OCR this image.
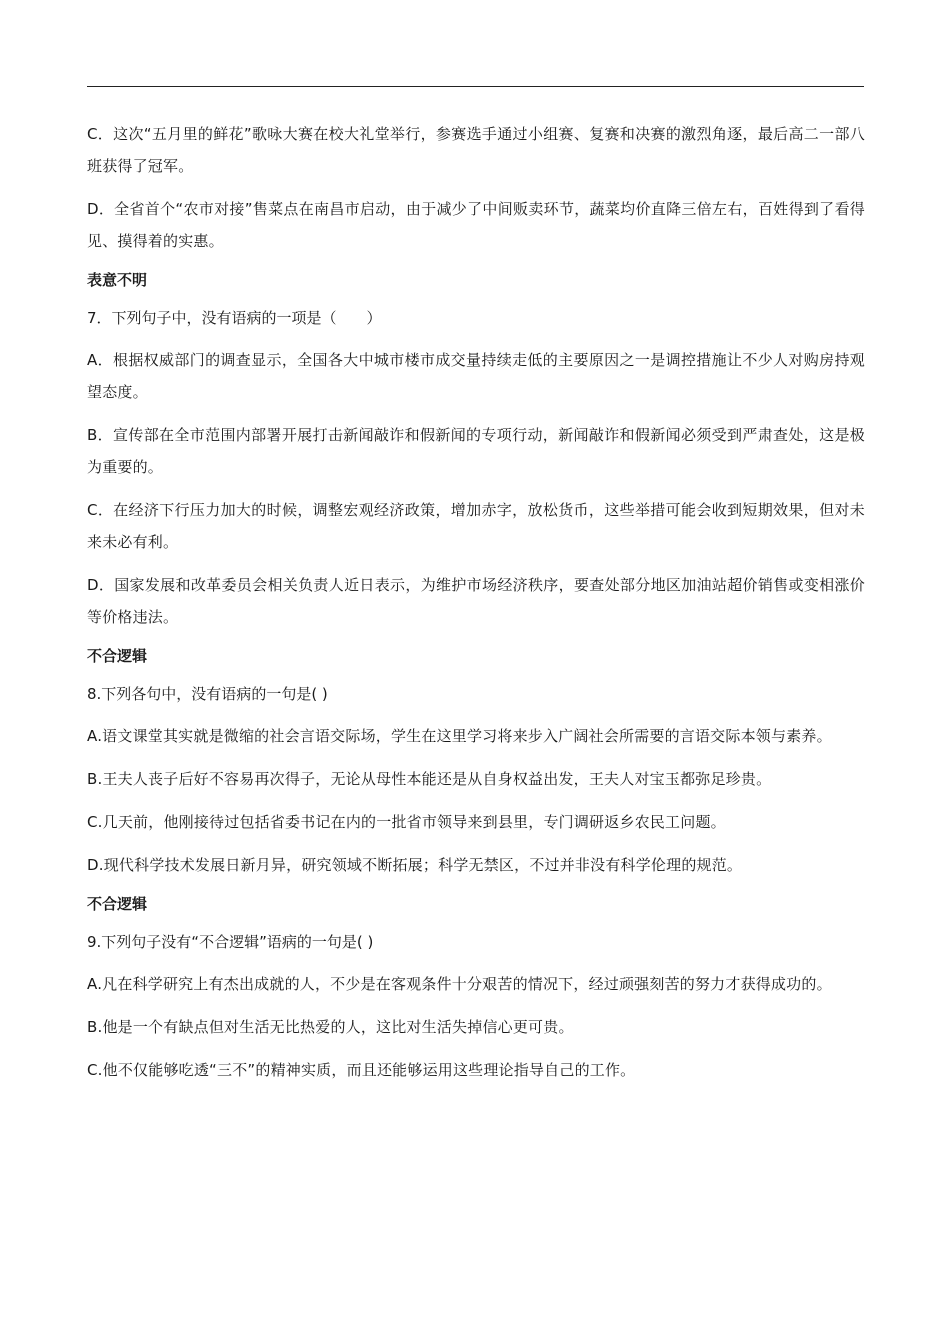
C．这次“五月里的鲜花”歌咏大赛在校大礼堂举行，参赛选手通过小组赛、复赛和决赛的激烈角逐，最后高二一部八班获得了冠军。

D．全省首个“农市对接”售菜点在南昌市启动，由于减少了中间贩卖环节，蔬菜均价直降三倍左右，百姓得到了看得见、摸得着的实惠。

表意不明
7．下列句子中，没有语病的一项是（　　）

A．根据权威部门的调查显示，全国各大中城市楼市成交量持续走低的主要原因之一是调控措施让不少人对购房持观望态度。

B．宣传部在全市范围内部署开展打击新闻敲诈和假新闻的专项行动，新闻敲诈和假新闻必须受到严肃查处，这是极为重要的。

C．在经济下行压力加大的时候，调整宏观经济政策，增加赤字，放松货币，这些举措可能会收到短期效果，但对未来未必有利。

D．国家发展和改革委员会相关负责人近日表示，为维护市场经济秩序，要查处部分地区加油站超价销售或变相涨价等价格违法。

不合逻辑
8.下列各句中，没有语病的一句是( )

A.语文课堂其实就是微缩的社会言语交际场，学生在这里学习将来步入广阔社会所需要的言语交际本领与素养。

B.王夫人丧子后好不容易再次得子，无论从母性本能还是从自身权益出发，王夫人对宝玉都弥足珍贵。

C.几天前，他刚接待过包括省委书记在内的一批省市领导来到县里，专门调研返乡农民工问题。

D.现代科学技术发展日新月异，研究领域不断拓展；科学无禁区，不过并非没有科学伦理的规范。

不合逻辑
9.下列句子没有“不合逻辑”语病的一句是( )

A.凡在科学研究上有杰出成就的人，不少是在客观条件十分艰苦的情况下，经过顽强刻苦的努力才获得成功的。

B.他是一个有缺点但对生活无比热爱的人，这比对生活失掉信心更可贵。

C.他不仅能够吃透“三不”的精神实质，而且还能够运用这些理论指导自己的工作。
